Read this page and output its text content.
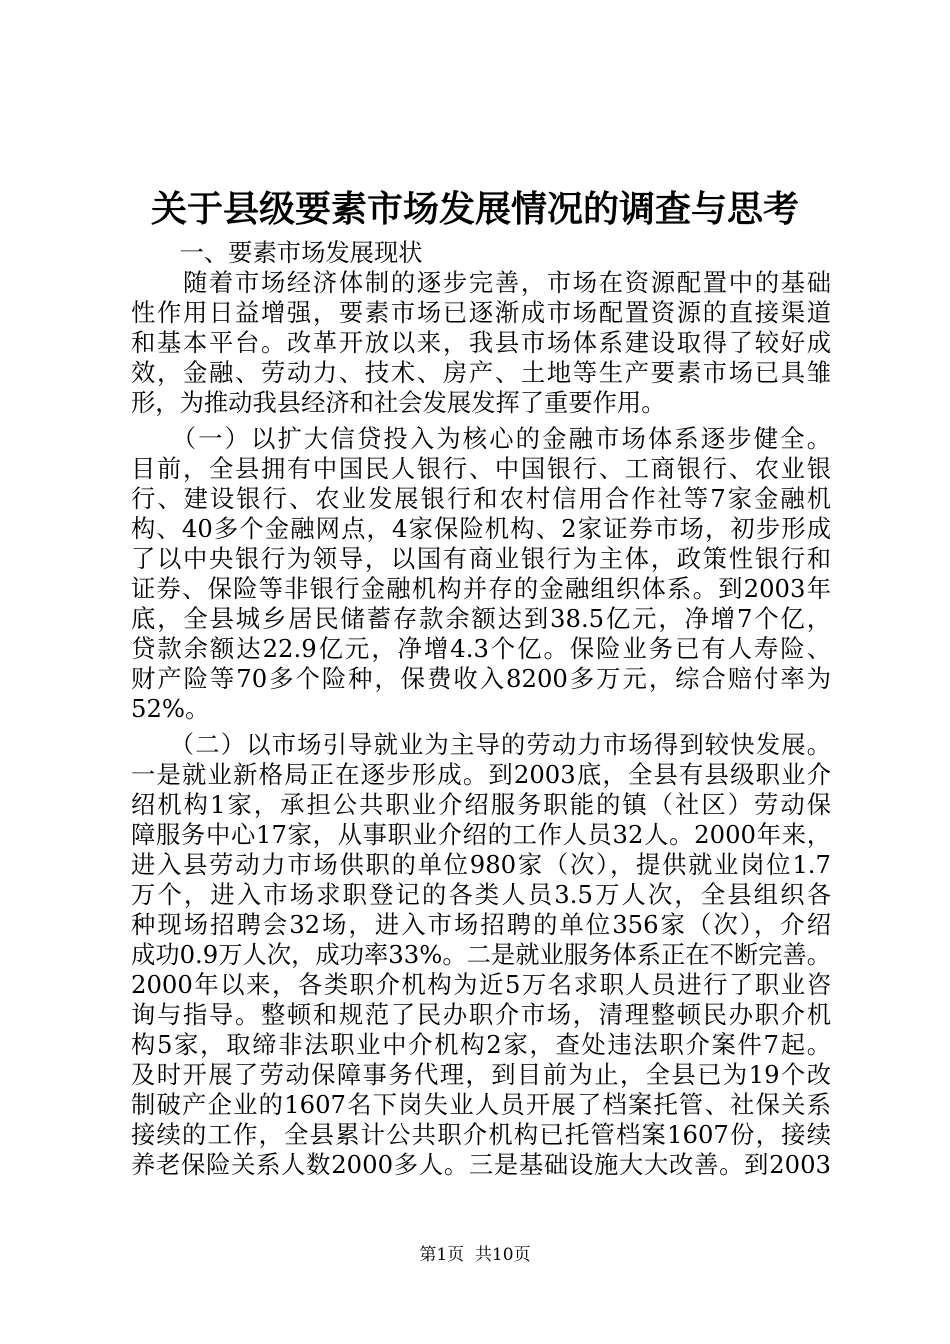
关于县级要素市场发展情况的调查与思考
　　一、要素市场发展现状
　　随着市场经济体制的逐步完善，市场在资源配置中的基础
性作用日益增强，要素市场已逐渐成市场配置资源的直接渠道
和基本平台。改革开放以来，我县市场体系建设取得了较好成
效，金融、劳动力、技术、房产、土地等生产要素市场已具雏
形，为推动我县经济和社会发展发挥了重要作用。
　　（一）以扩大信贷投入为核心的金融市场体系逐步健全。
目前，全县拥有中国民人银行、中国银行、工商银行、农业银
行、建设银行、农业发展银行和农村信用合作社等7家金融机
构、40多个金融网点，4家保险机构、2家证券市场，初步形成
了以中央银行为领导，以国有商业银行为主体，政策性银行和
证券、保险等非银行金融机构并存的金融组织体系。到2003年
底，全县城乡居民储蓄存款余额达到38.5亿元，净增7个亿，
贷款余额达22.9亿元，净增4.3个亿。保险业务已有人寿险、
财产险等70多个险种，保费收入8200多万元，综合赔付率为
52%。
　　（二）以市场引导就业为主导的劳动力市场得到较快发展。
一是就业新格局正在逐步形成。到2003底，全县有县级职业介
绍机构1家，承担公共职业介绍服务职能的镇（社区）劳动保
障服务中心17家，从事职业介绍的工作人员32人。2000年来，
进入县劳动力市场供职的单位980家（次），提供就业岗位1.7
万个，进入市场求职登记的各类人员3.5万人次，全县组织各
种现场招聘会32场，进入市场招聘的单位356家（次），介绍
成功0.9万人次，成功率33%。二是就业服务体系正在不断完善。
2000年以来，各类职介机构为近5万名求职人员进行了职业咨
询与指导。整顿和规范了民办职介市场，清理整顿民办职介机
构5家，取缔非法职业中介机构2家，查处违法职介案件7起。
及时开展了劳动保障事务代理，到目前为止，全县已为19个改
制破产企业的1607名下岗失业人员开展了档案托管、社保关系
接续的工作，全县累计公共职介机构已托管档案1607份，接续
养老保险关系人数2000多人。三是基础设施大大改善。到2003
第1页  共10页
